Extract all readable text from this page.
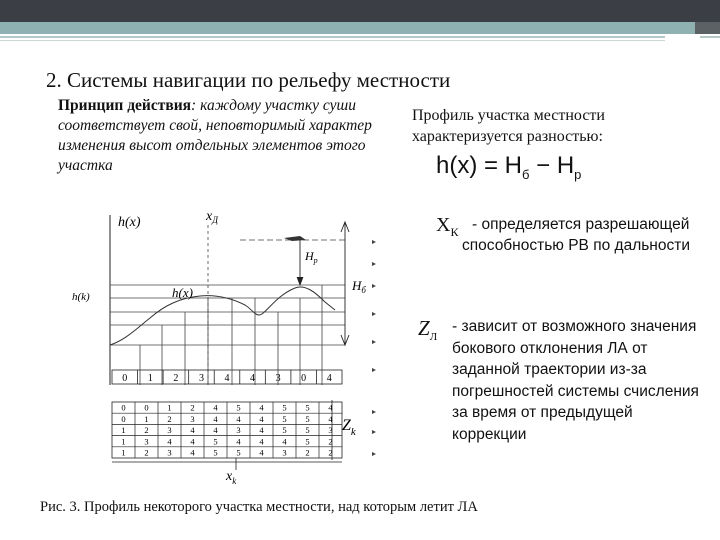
2. Системы навигации по рельефу местности
Принцип действия: каждому участку суши соответствует свой, неповторимый характер изменения высот отдельных элементов этого участка
Профиль участка местности характеризуется разностью:
$h(x) = H_б - H_р$
$X_К$ - определяется разрешающей способностью РВ по дальности
$Z_Л$
- зависит от возможного значения бокового отклонения ЛА от заданной траектории из-за погрешностей системы счисления за время от предыдущей коррекции
0 1 2 3 4 4 3 0 4
0 0 1 2 4 5 4 5 5 4
0 1 2 3 4 4 4 5 5 4
1 2 3 4 4 3 4 5 5 3
1 3 4 4 5 4 4 4 5 2
1 2 3 4 5 5 4 3 2 2
h(x)	$x_Д$
$H_р$
$H_б$
h(k)	h(x)
$Z_k$
$x_k$
Рис. 3. Профиль некоторого участка местности, над которым летит ЛА
